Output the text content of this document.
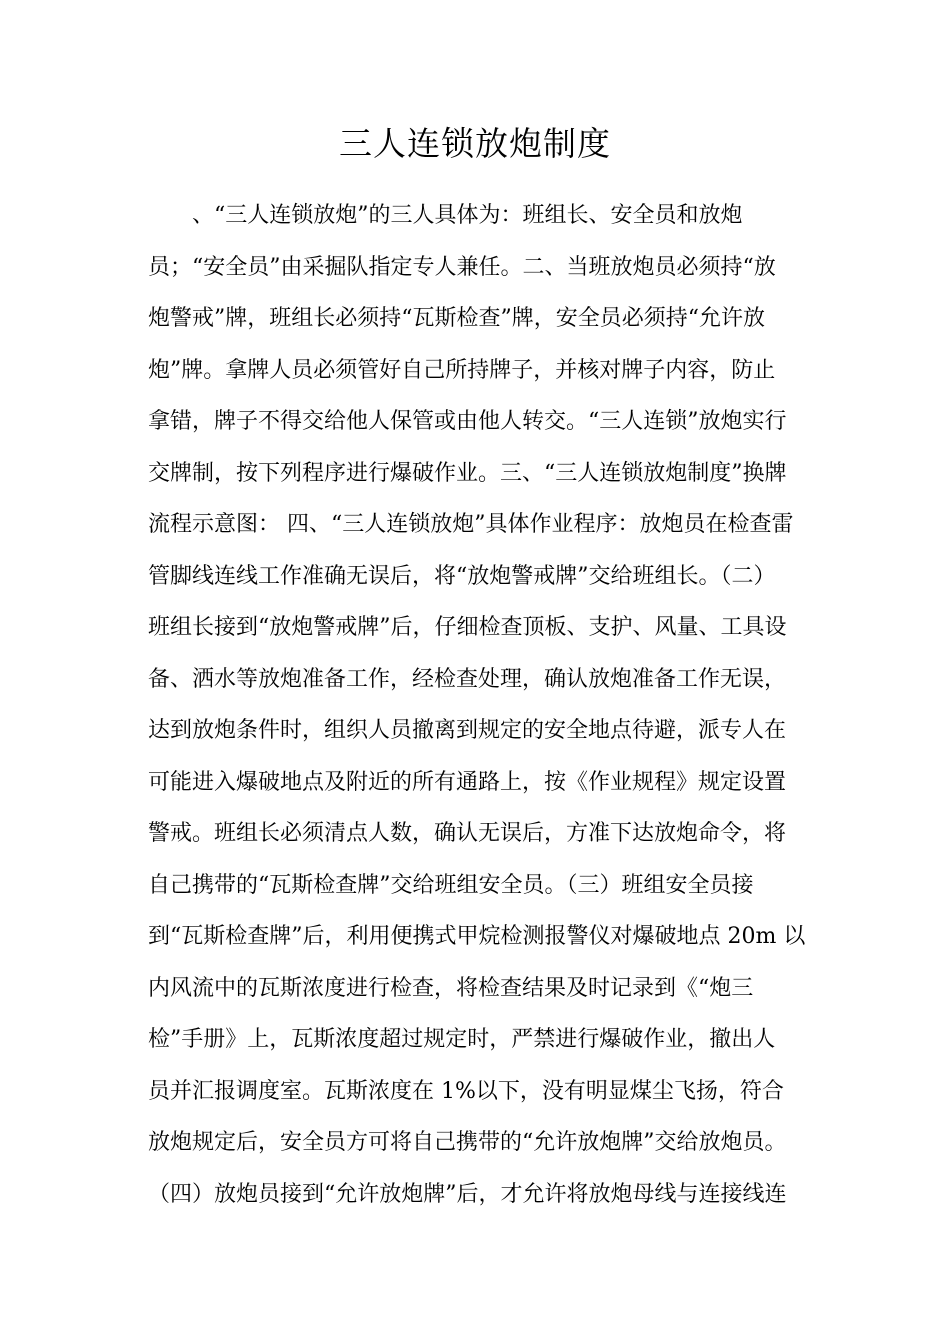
三人连锁放炮制度
、“三人连锁放炮”的三人具体为：班组长、安全员和放炮
员；“安全员”由采掘队指定专人兼任。二、当班放炮员必须持“放
炮警戒”牌，班组长必须持“瓦斯检查”牌，安全员必须持“允许放
炮”牌。拿牌人员必须管好自己所持牌子，并核对牌子内容，防止
拿错，牌子不得交给他人保管或由他人转交。“三人连锁”放炮实行
交牌制，按下列程序进行爆破作业。三、“三人连锁放炮制度”换牌
流程示意图： 四、“三人连锁放炮”具体作业程序：放炮员在检查雷
管脚线连线工作准确无误后，将“放炮警戒牌”交给班组长。（二）
班组长接到“放炮警戒牌”后，仔细检查顶板、支护、风量、工具设
备、洒水等放炮准备工作，经检查处理，确认放炮准备工作无误，
达到放炮条件时，组织人员撤离到规定的安全地点待避，派专人在
可能进入爆破地点及附近的所有通路上，按《作业规程》规定设置
警戒。班组长必须清点人数，确认无误后，方准下达放炮命令，将
自己携带的“瓦斯检查牌”交给班组安全员。（三）班组安全员接
到“瓦斯检查牌”后，利用便携式甲烷检测报警仪对爆破地点 20m 以
内风流中的瓦斯浓度进行检查，将检查结果及时记录到《“炮三
检”手册》上，瓦斯浓度超过规定时，严禁进行爆破作业，撤出人
员并汇报调度室。瓦斯浓度在 1%以下，没有明显煤尘飞扬，符合
放炮规定后，安全员方可将自己携带的“允许放炮牌”交给放炮员。
（四）放炮员接到“允许放炮牌”后，才允许将放炮母线与连接线连
